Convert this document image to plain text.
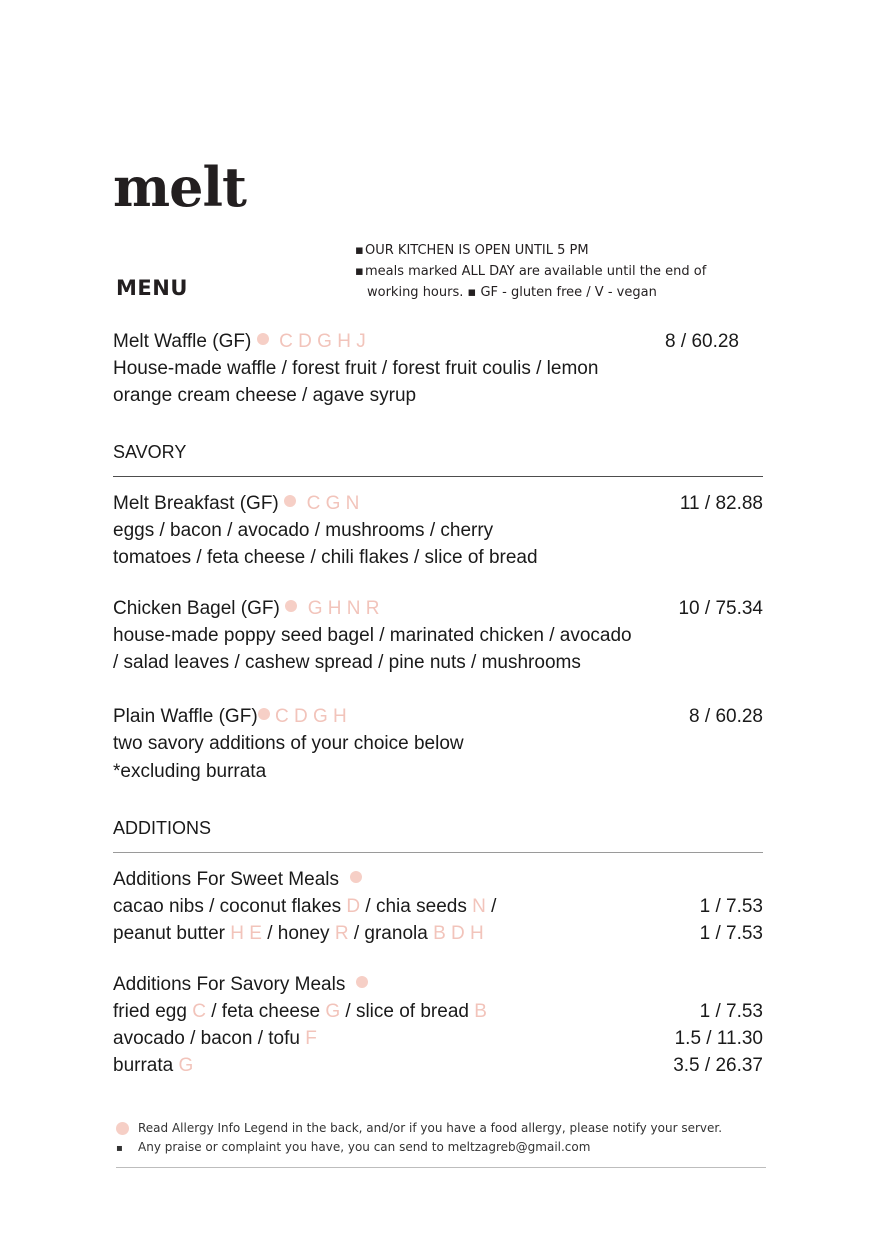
melt
MENU
▪OUR KITCHEN IS OPEN UNTIL 5 PM
▪meals marked ALL DAY are available until the end of
working hours. ▪ GF - gluten free / V - vegan
Melt Waffle (GF) C D G H J	8 / 60.28
House-made waffle / forest fruit / forest fruit coulis / lemon
orange cream cheese / agave syrup
SAVORY
Melt Breakfast (GF) C G N	11 / 82.88
eggs / bacon / avocado / mushrooms / cherry
tomatoes / feta cheese / chili flakes / slice of bread
Chicken Bagel (GF) G H N R	10 / 75.34
house-made poppy seed bagel / marinated chicken / avocado
/ salad leaves / cashew spread / pine nuts / mushrooms
Plain Waffle (GF) C D G H	8 / 60.28
two savory additions of your choice below
*excluding burrata
ADDITIONS
Additions For Sweet Meals
cacao nibs / coconut flakes D / chia seeds N /	1 / 7.53
peanut butter H E / honey R / granola B D H	1 / 7.53
Additions For Savory Meals
fried egg C / feta cheese G / slice of bread B	1 / 7.53
avocado / bacon / tofu F	1.5 / 11.30
burrata G	3.5 / 26.37
Read Allergy Info Legend in the back, and/or if you have a food allergy, please notify your server.
▪ Any praise or complaint you have, you can send to meltzagreb@gmail.com
